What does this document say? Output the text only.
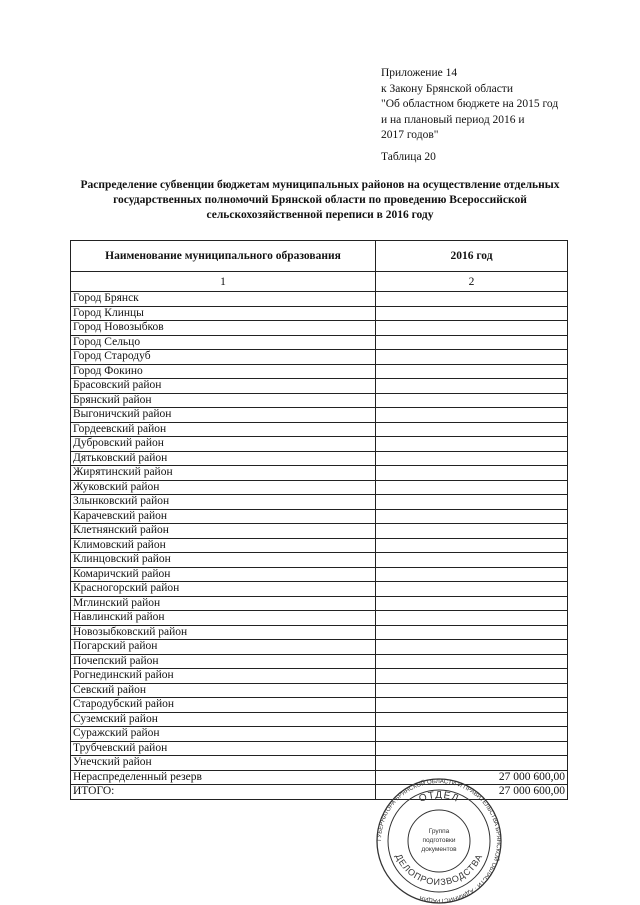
Приложение 14
к Закону Брянской области
"Об областном бюджете на 2015 год
и на плановый период 2016 и
2017 годов"
Таблица 20
Распределение субвенции бюджетам муниципальных районов на осуществление отдельных
государственных полномочий Брянской области по проведению Всероссийской
сельскохозяйственной переписи в 2016 году
Наименование муниципального образования	2016 год
1	2
Город Брянск	
Город Клинцы	
Город Новозыбков	
Город Сельцо	
Город Стародуб	
Город Фокино	
Брасовский район	
Брянский район	
Выгоничский район	
Гордеевский район	
Дубровский район	
Дятьковский район	
Жирятинский район	
Жуковский район	
Злынковский район	
Карачевский район	
Клетнянский район	
Климовский район	
Клинцовский район	
Комаричский район	
Красногорский район	
Мглинский район	
Навлинский район	
Новозыбковский район	
Погарский район	
Почепский район	
Рогнединский район	
Севский район	
Стародубский район	
Суземский район	
Суражский район	
Трубчевский район	
Унечский район	
Нераспределенный резерв	27 000 600,00
ИТОГО:	27 000 600,00
ГУБЕРНАТОРА БРЯНСКОЙ ОБЛАСТИ И ПРАВИТЕЛЬСТВА БРЯНСКОЙ ОБЛАСТИ · АДМИНИСТРАЦИЯ
ОТДЕЛ
ДЕЛОПРОИЗВОДСТВА
Группа
подготовки
документов
